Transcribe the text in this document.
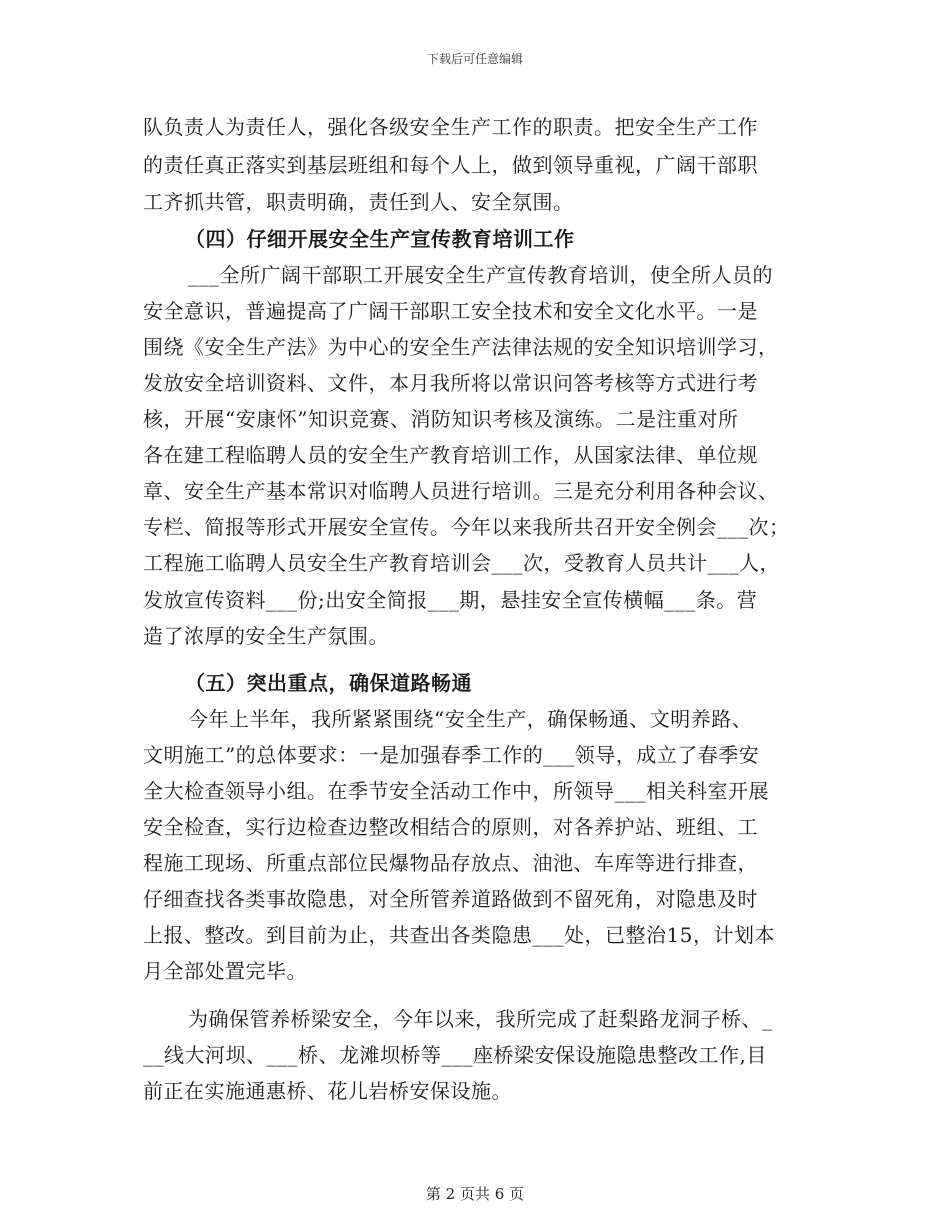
下载后可任意编辑
队负责人为责任人，强化各级安全生产工作的职责。把安全生产工作
的责任真正落实到基层班组和每个人上，做到领导重视，广阔干部职
工齐抓共管，职责明确，责任到人、安全氛围。
（四）仔细开展安全生产宣传教育培训工作
___全所广阔干部职工开展安全生产宣传教育培训，使全所人员的
安全意识，普遍提高了广阔干部职工安全技术和安全文化水平。一是
围绕《安全生产法》为中心的安全生产法律法规的安全知识培训学习，
发放安全培训资料、文件，本月我所将以常识问答考核等方式进行考
核，开展“安康怀”知识竞赛、消防知识考核及演练。二是注重对所
各在建工程临聘人员的安全生产教育培训工作，从国家法律、单位规
章、安全生产基本常识对临聘人员进行培训。三是充分利用各种会议、
专栏、简报等形式开展安全宣传。今年以来我所共召开安全例会___次；
工程施工临聘人员安全生产教育培训会___次，受教育人员共计___人，
发放宣传资料___份;出安全简报___期，悬挂安全宣传横幅___条。营
造了浓厚的安全生产氛围。
（五）突出重点，确保道路畅通
今年上半年，我所紧紧围绕“安全生产，确保畅通、文明养路、
文明施工”的总体要求：一是加强春季工作的___领导，成立了春季安
全大检查领导小组。在季节安全活动工作中，所领导___相关科室开展
安全检查，实行边检查边整改相结合的原则，对各养护站、班组、工
程施工现场、所重点部位民爆物品存放点、油池、车库等进行排查，
仔细查找各类事故隐患，对全所管养道路做到不留死角，对隐患及时
上报、整改。到目前为止，共查出各类隐患___处，已整治15，计划本
月全部处置完毕。
为确保管养桥梁安全，今年以来，我所完成了赶梨路龙洞子桥、_
__线大河坝、___桥、龙滩坝桥等___座桥梁安保设施隐患整改工作,目
前正在实施通惠桥、花儿岩桥安保设施。
第 2 页共 6 页
